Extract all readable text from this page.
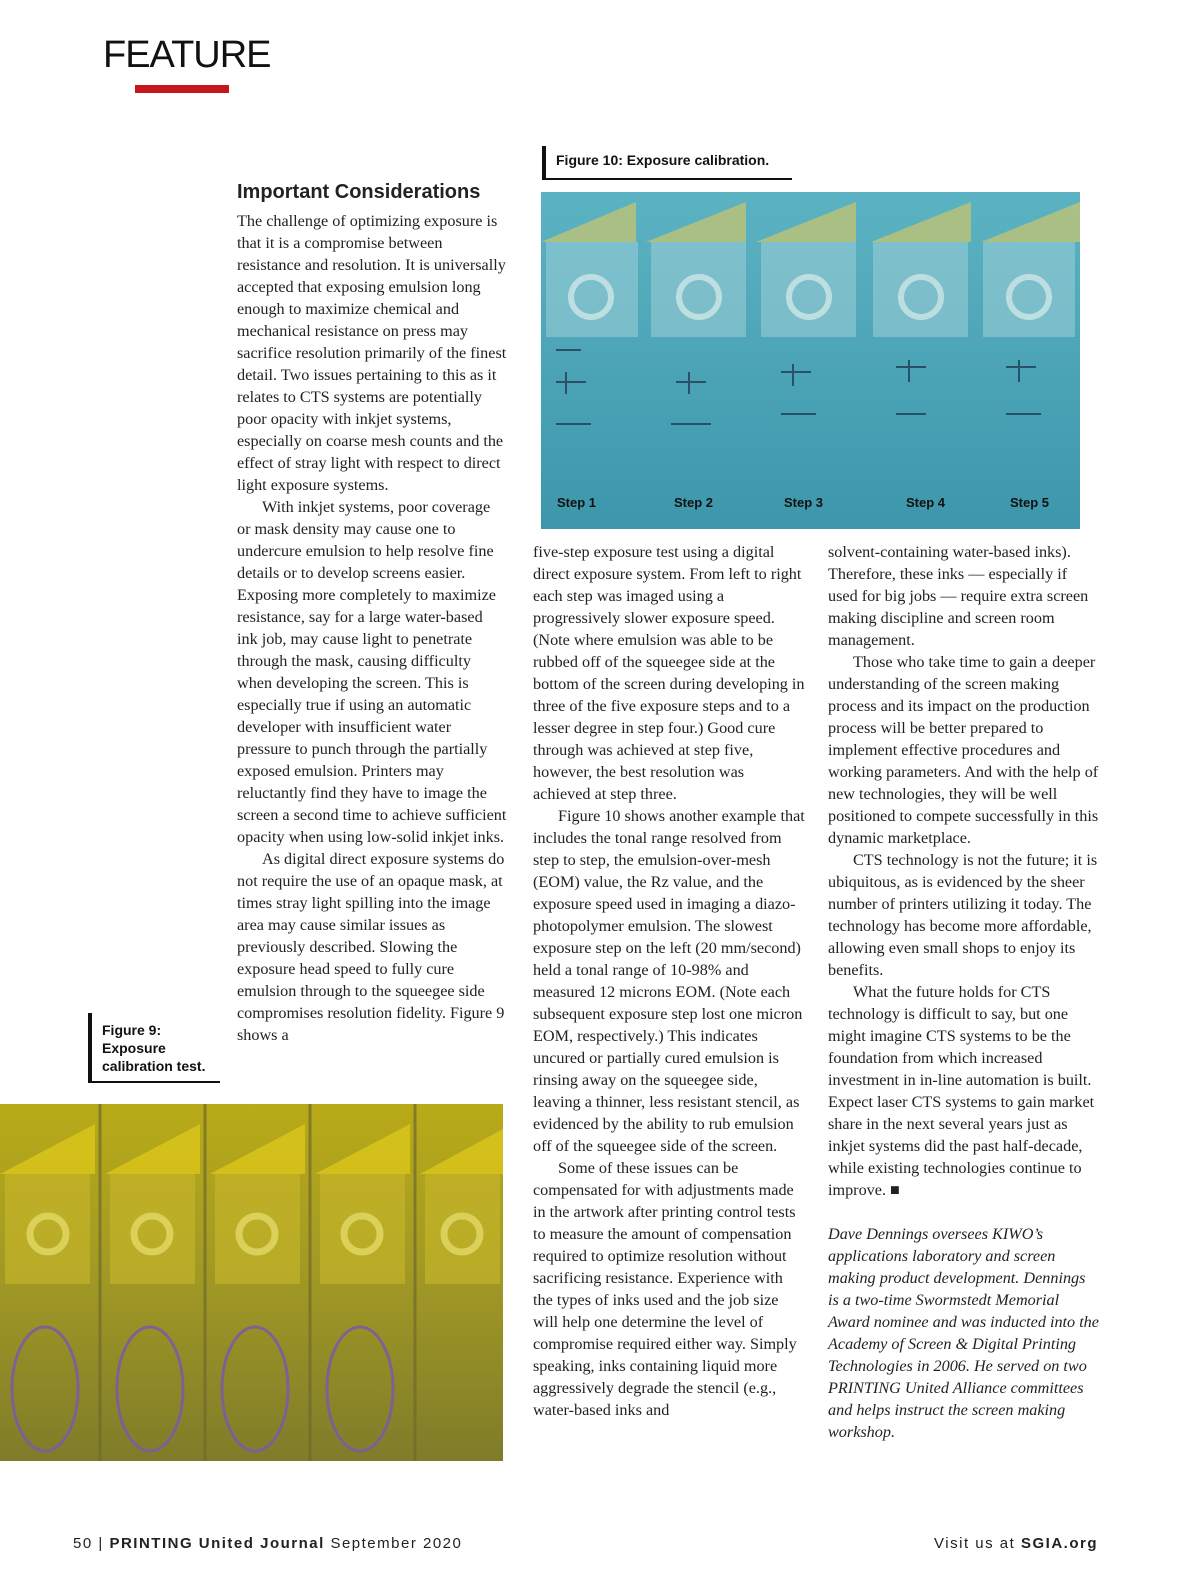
FEATURE
Figure 10: Exposure calibration.
Step 1	Step 2	Step 3	Step 4	Step 5
Important Considerations

The challenge of optimizing exposure is that it is a compromise between resistance and resolution. It is universally accepted that exposing emulsion long enough to maximize chemical and mechanical resistance on press may sacrifice resolution primarily of the finest detail. Two issues pertaining to this as it relates to CTS systems are potentially poor opacity with inkjet systems, especially on coarse mesh counts and the effect of stray light with respect to direct light exposure systems.

With inkjet systems, poor coverage or mask density may cause one to undercure emulsion to help resolve fine details or to develop screens easier. Exposing more completely to maximize resistance, say for a large water-based ink job, may cause light to penetrate through the mask, causing difficulty when developing the screen. This is especially true if using an automatic developer with insufficient water pressure to punch through the partially exposed emulsion. Printers may reluctantly find they have to image the screen a second time to achieve sufficient opacity when using low-solid inkjet inks.

As digital direct exposure systems do not require the use of an opaque mask, at times stray light spilling into the image area may cause similar issues as previously described. Slowing the exposure head speed to fully cure emulsion through to the squeegee side compromises resolution fidelity. Figure 9 shows a

five-step exposure test using a digital direct exposure system. From left to right each step was imaged using a progressively slower exposure speed. (Note where emulsion was able to be rubbed off of the squeegee side at the bottom of the screen during developing in three of the five exposure steps and to a lesser degree in step four.) Good cure through was achieved at step five, however, the best resolution was achieved at step three.

Figure 10 shows another example that includes the tonal range resolved from step to step, the emulsion-over-mesh (EOM) value, the Rz value, and the exposure speed used in imaging a diazo-photopolymer emulsion. The slowest exposure step on the left (20 mm/second) held a tonal range of 10-98% and measured 12 microns EOM. (Note each subsequent exposure step lost one micron EOM, respectively.) This indicates uncured or partially cured emulsion is rinsing away on the squeegee side, leaving a thinner, less resistant stencil, as evidenced by the ability to rub emulsion off of the squeegee side of the screen.

Some of these issues can be compensated for with adjustments made in the artwork after printing control tests to measure the amount of compensation required to optimize resolution without sacrificing resistance. Experience with the types of inks used and the job size will help one determine the level of compromise required either way. Simply speaking, inks containing liquid more aggressively degrade the stencil (e.g., water-based inks and

solvent-containing water-based inks). Therefore, these inks — especially if used for big jobs — require extra screen making discipline and screen room management.

Those who take time to gain a deeper understanding of the screen making process and its impact on the production process will be better prepared to implement effective procedures and working parameters. And with the help of new technologies, they will be well positioned to compete successfully in this dynamic marketplace.

CTS technology is not the future; it is ubiquitous, as is evidenced by the sheer number of printers utilizing it today. The technology has become more affordable, allowing even small shops to enjoy its benefits.

What the future holds for CTS technology is difficult to say, but one might imagine CTS systems to be the foundation from which increased investment in in-line automation is built. Expect laser CTS systems to gain market share in the next several years just as inkjet systems did the past half-decade, while existing technologies continue to improve. ■

Dave Dennings oversees KIWO’s applications laboratory and screen making product development. Dennings is a two-time Swormstedt Memorial Award nominee and was inducted into the Academy of Screen & Digital Printing Technologies in 2006. He served on two PRINTING United Alliance committees and helps instruct the screen making workshop.

Figure 9:
Exposure
calibration test.
50 | PRINTING United Journal September 2020	Visit us at SGIA.org
